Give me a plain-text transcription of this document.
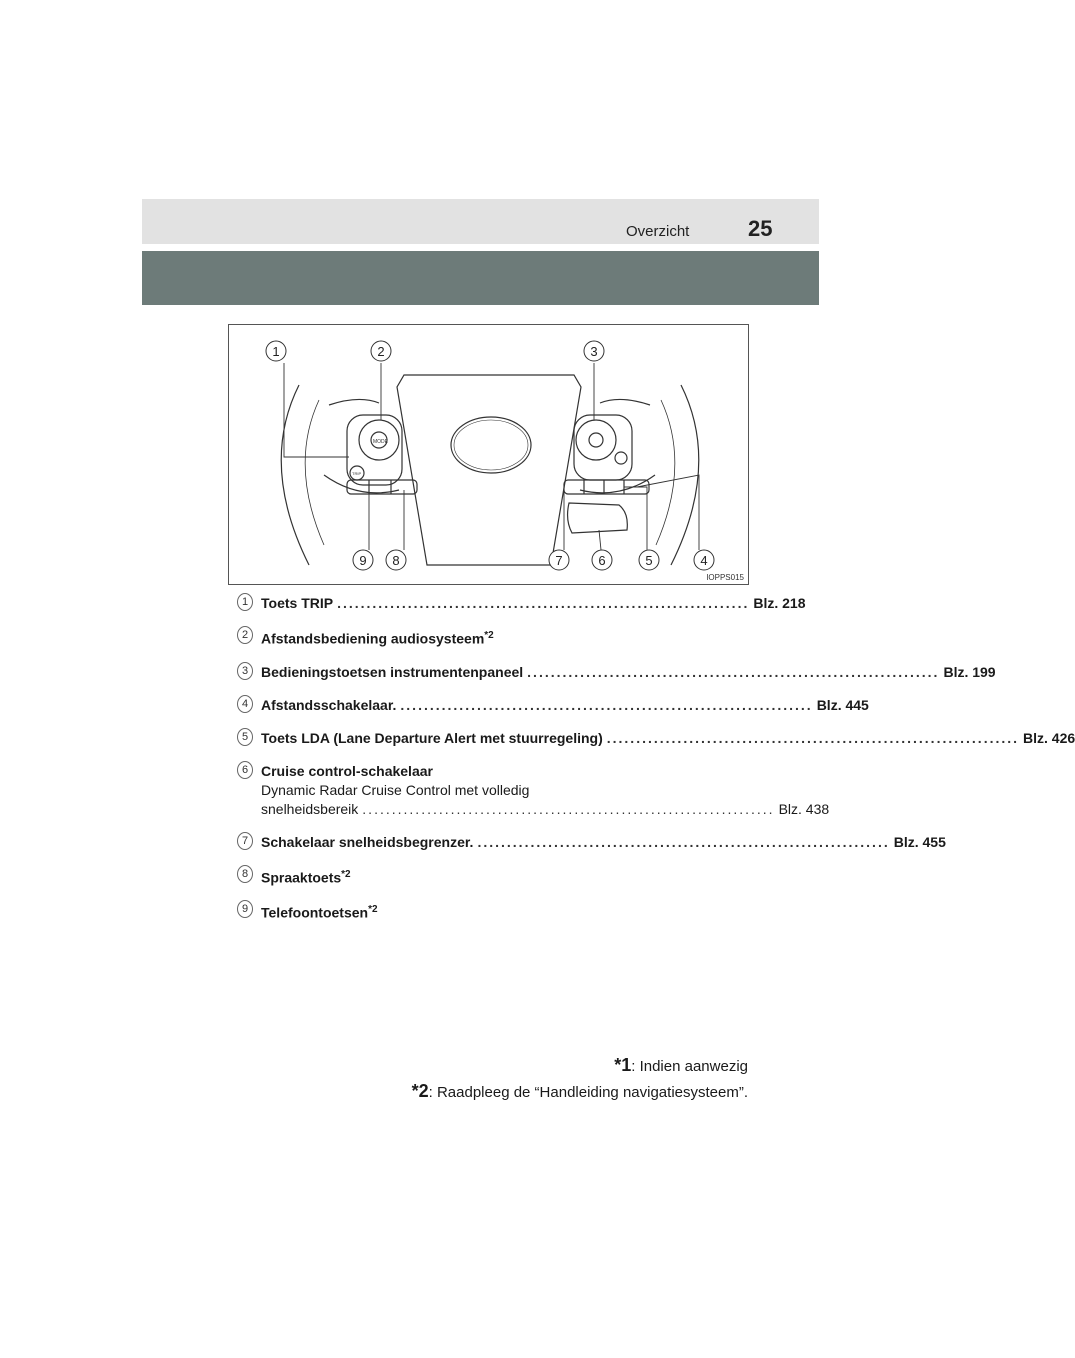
Overzicht	25
MODE
TRIP
1	2	3
4
5
6
7
8
9
IOPPS015
1 Toets TRIP ...................................................................... Blz. 218
2 Afstandsbediening audiosysteem$^{*2}$
3 Bedieningstoetsen instrumentenpaneel ...................................................................... Blz. 199
4 Afstandsschakelaar. ...................................................................... Blz. 445
5 Toets LDA (Lane Departure Alert met stuurregeling) ...................................................................... Blz. 426
6 Cruise control-schakelaar
Dynamic Radar Cruise Control met volledig
snelheidsbereik ...................................................................... Blz. 438
7 Schakelaar snelheidsbegrenzer. ...................................................................... Blz. 455
8 Spraaktoets$^{*2}$
9 Telefoontoetsen$^{*2}$
*1: Indien aanwezig
*2: Raadpleeg de “Handleiding navigatiesysteem”.
